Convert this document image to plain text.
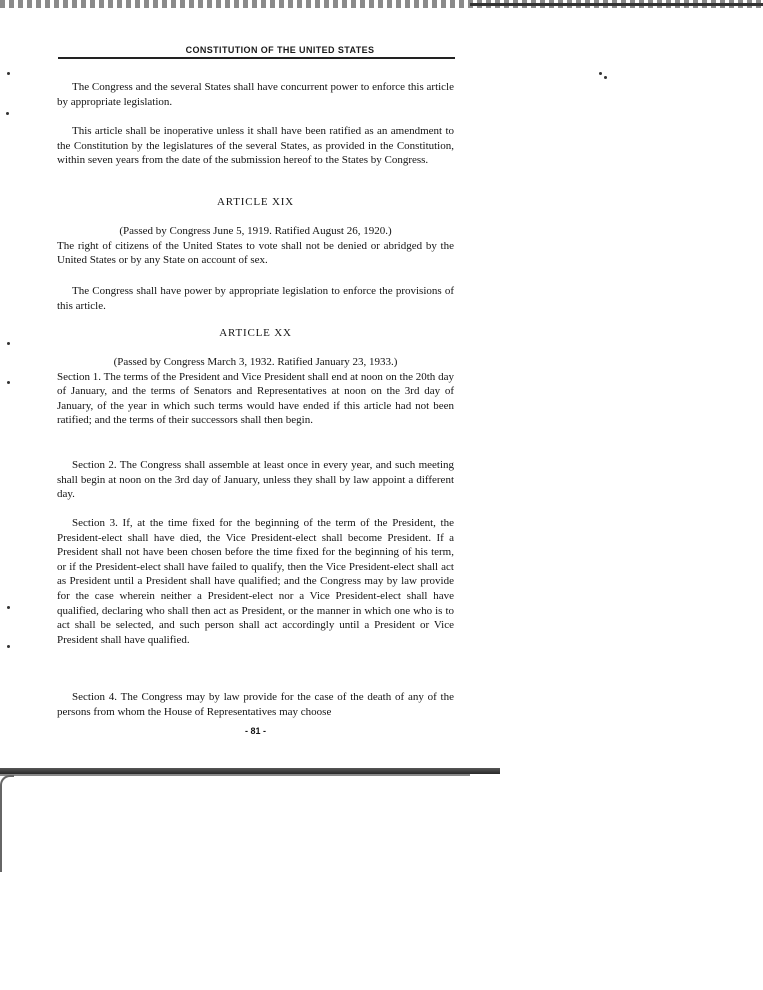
CONSTITUTION OF THE UNITED STATES

The Congress and the several States shall have concurrent power to enforce this article by appropriate legislation.

This article shall be inoperative unless it shall have been ratified as an amendment to the Constitution by the legislatures of the several States, as provided in the Constitution, within seven years from the date of the submission hereof to the States by Congress.

ARTICLE XIX

(Passed by Congress June 5, 1919. Ratified August 26, 1920.)
The right of citizens of the United States to vote shall not be denied or abridged by the United States or by any State on account of sex.

The Congress shall have power by appropriate legislation to enforce the provisions of this article.

ARTICLE XX

(Passed by Congress March 3, 1932. Ratified January 23, 1933.)
Section 1. The terms of the President and Vice President shall end at noon on the 20th day of January, and the terms of Senators and Representatives at noon on the 3rd day of January, of the year in which such terms would have ended if this article had not been ratified; and the terms of their successors shall then begin.

Section 2. The Congress shall assemble at least once in every year, and such meeting shall begin at noon on the 3rd day of January, unless they shall by law appoint a different day.

Section 3. If, at the time fixed for the beginning of the term of the President, the President-elect shall have died, the Vice President-elect shall become President. If a President shall not have been chosen before the time fixed for the beginning of his term, or if the President-elect shall have failed to qualify, then the Vice President-elect shall act as President until a President shall have qualified; and the Congress may by law provide for the case wherein neither a President-elect nor a Vice President-elect shall have qualified, declaring who shall then act as President, or the manner in which one who is to act shall be selected, and such person shall act accordingly until a President or Vice President shall have qualified.

Section 4. The Congress may by law provide for the case of the death of any of the persons from whom the House of Representatives may choose

- 81 -
